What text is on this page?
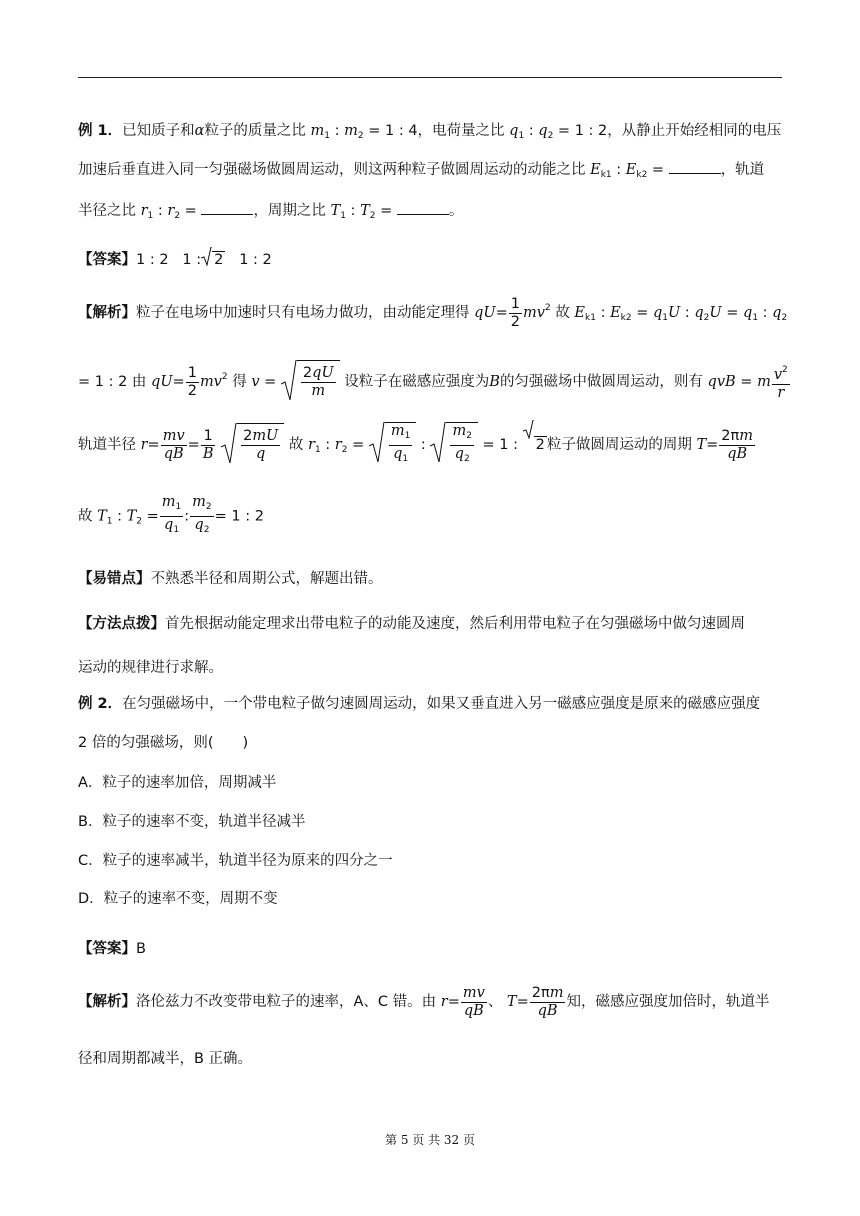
例 1．已知质子和α粒子的质量之比 $m_1$ : $m_2 = 1$ : 4，电荷量之比 $q_1$ : $q_2 = 1$ : 2，从静止开始经相同的电压
加速后垂直进入同一匀强磁场做圆周运动，则这两种粒子做圆周运动的动能之比 $E_{k1}$ : $E_{k2}$ =	，轨道
半径之比 $r_1$ : $r_2$ =	，周期之比 $T_1$ : $T_2$ =	。
【答案】1 : 2 1 : 2 1 : 2
【解析】粒子在电场中加速时只有电场力做功，由动能定理得 $qU= \frac{1}{2} mv^2$ 故 $E_{k1}$ : $E_{k2} = q_1U$ : $q_2U = q_1$ : $q_2$
= 1 : 2 由 $qU= \frac{1}{2} mv^2$ 得 $v = \frac{2qU}{m}$ 设粒子在磁感应强度为B的匀强磁场中做圆周运动，则有 qvB = m $\frac{v^2}{r}$
轨道半径 $r= \frac{mv}{qB} = \frac{1}{B}$
$\frac{2mU}{q}$ 故 $r_1$ : $r_2 = \frac{m_1}{q_1}$ : $\frac{m_2}{q_2} = 1$ :
2 粒子做圆周运动的周期 $T= \frac{2\pi m}{qB}$
故 $T_1$ : $T_2 = \frac{m_1}{q_1}$ : $\frac{m_2}{q_2} = 1$ : 2
【易错点】不熟悉半径和周期公式，解题出错。
【方法点拨】首先根据动能定理求出带电粒子的动能及速度，然后利用带电粒子在匀强磁场中做匀速圆周
运动的规律进行求解。
例 2．在匀强磁场中，一个带电粒子做匀速圆周运动，如果又垂直进入另一磁感应强度是原来的磁感应强度
2 倍的匀强磁场，则(　　)
A．粒子的速率加倍，周期减半
B．粒子的速率不变，轨道半径减半
C．粒子的速率减半，轨道半径为原来的四分之一
D．粒子的速率不变，周期不变
【答案】B
【解析】洛伦兹力不改变带电粒子的速率，A、C 错。由 $r= \frac{mv}{qB}$ 、 $T= \frac{2\pi m}{qB}$ 知，磁感应强度加倍时，轨道半
径和周期都减半，B 正确。
第 5 页 共 32 页
